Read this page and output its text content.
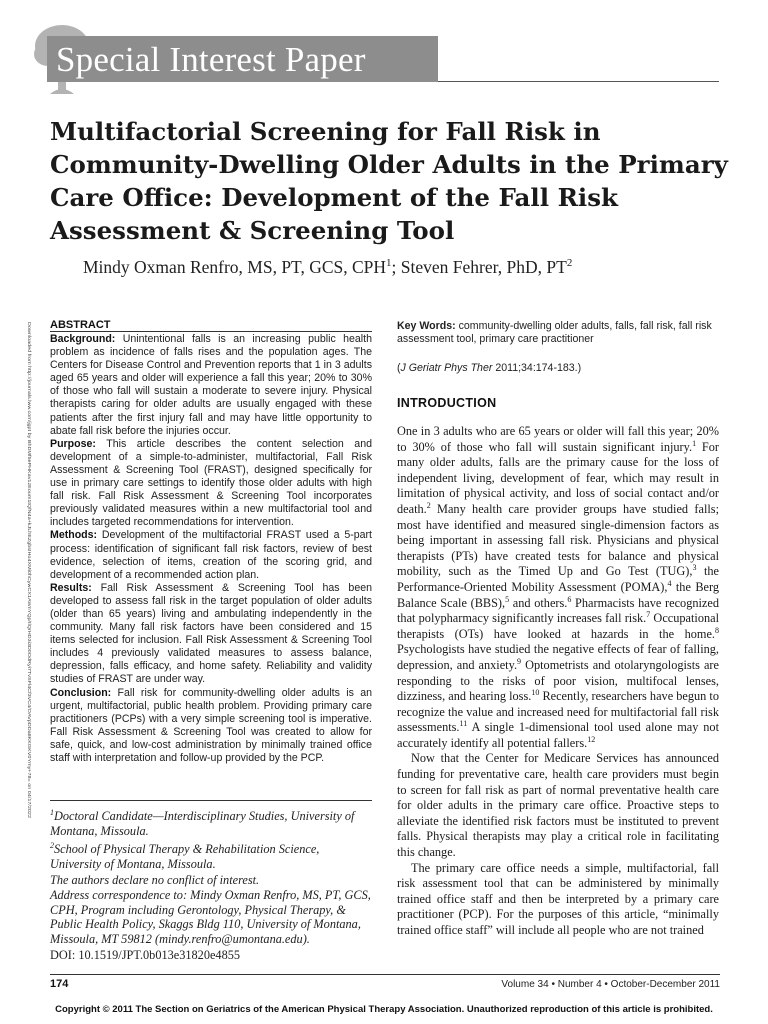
Special Interest Paper
Multifactorial Screening for Fall Risk in Community-Dwelling Older Adults in the Primary Care Office: Development of the Fall Risk Assessment & Screening Tool
Mindy Oxman Renfro, MS, PT, GCS, CPH$^1$; Steven Fehrer, PhD, $PT^2$
Downloaded from http://journals.lww.com/jgpt by BhDMf5ePHKav1zEoum1tQfN4a+kJLhEZgbsIHo4XMi0hCywCX1AWnYQp/IlQrHD3i3D0OdRyi7TvSFl4Cf3VC4/OAVpDDa8KKGKV0Ymy+78= on 04/17/2022 ABSTRACT

Background: Unintentional falls is an increasing public health problem as incidence of falls rises and the population ages. The Centers for Disease Control and Prevention reports that 1 in 3 adults aged 65 years and older will experience a fall this year; 20% to 30% of those who fall will sustain a moderate to severe injury. Physical therapists caring for older adults are usually engaged with these patients after the first injury fall and may have little opportunity to abate fall risk before the injuries occur.

Purpose: This article describes the content selection and development of a simple-to-administer, multifactorial, Fall Risk Assessment & Screening Tool (FRAST), designed specifically for use in primary care settings to identify those older adults with high fall risk. Fall Risk Assessment & Screening Tool incorporates previously validated measures within a new multifactorial tool and includes targeted recommendations for intervention.

Methods: Development of the multifactorial FRAST used a 5-part process: identification of significant fall risk factors, review of best evidence, selection of items, creation of the scoring grid, and development of a recommended action plan.

Results: Fall Risk Assessment & Screening Tool has been developed to assess fall risk in the target population of older adults (older than 65 years) living and ambulating independently in the community. Many fall risk factors have been considered and 15 items selected for inclusion. Fall Risk Assessment & Screening Tool includes 4 previously validated measures to assess balance, depression, falls efficacy, and home safety. Reliability and validity studies of FRAST are under way.

Conclusion: Fall risk for community-dwelling older adults is an urgent, multifactorial, public health problem. Providing primary care practitioners (PCPs) with a very simple screening tool is imperative. Fall Risk Assessment & Screening Tool was created to allow for safe, quick, and low-cost administration by minimally trained office staff with interpretation and follow-up provided by the PCP.

$^1$Doctoral Candidate—Interdisciplinary Studies, University of Montana, Missoula.

$^2$School of Physical Therapy & Rehabilitation Science, University of Montana, Missoula.

The authors declare no conflict of interest.

Address correspondence to: Mindy Oxman Renfro, MS, PT, GCS, CPH, Program including Gerontology, Physical Therapy, & Public Health Policy, Skaggs Bldg 110, University of Montana, Missoula, MT 59812 (mindy.renfro@umontana.edu).

DOI: 10.1519/JPT.0b013e31820e4855

Key Words: community-dwelling older adults, falls, fall risk, fall risk assessment tool, primary care practitioner
(J Geriatr Phys Ther 2011;34:174-183.)
INTRODUCTION

One in 3 adults who are 65 years or older will fall this year; 20% to 30% of those who fall will sustain significant injury.$^1$ For many older adults, falls are the primary cause for the loss of independent living, development of fear, which may result in limitation of physical activity, and loss of social contact and/or death.$^2$ Many health care provider groups have studied falls; most have identified and measured single-dimension factors as being important in assessing fall risk. Physicians and physical therapists (PTs) have created tests for balance and physical mobility, such as the Timed Up and Go Test (TUG),$^3$ the Performance-Oriented Mobility Assessment (POMA),$^4$ the Berg Balance Scale (BBS),$^5$ and others.$^6$ Pharmacists have recognized that polypharmacy significantly increases fall risk.$^7$ Occupational therapists (OTs) have looked at hazards in the home.$^8$ Psychologists have studied the negative effects of fear of falling, depression, and anxiety.$^9$ Optometrists and otolaryngologists are responding to the risks of poor vision, multifocal lenses, dizziness, and hearing loss.$^{10}$ Recently, researchers have begun to recognize the value and increased need for multifactorial fall risk assessments.$^{11}$ A single 1-dimensional tool used alone may not accurately identify all potential fallers.$^{12}$

Now that the Center for Medicare Services has announced funding for preventative care, health care providers must begin to screen for fall risk as part of normal preventative health care for older adults in the primary care office. Proactive steps to alleviate the identified risk factors must be instituted to prevent falls. Physical therapists may play a critical role in facilitating this change.

The primary care office needs a simple, multifactorial, fall risk assessment tool that can be administered by minimally trained office staff and then be interpreted by a primary care practitioner (PCP). For the purposes of this article, “minimally trained office staff” will include all people who are not trained

174	Volume 34 • Number 4 • October-December 2011
Copyright © 2011 The Section on Geriatrics of the American Physical Therapy Association. Unauthorized reproduction of this article is prohibited.
